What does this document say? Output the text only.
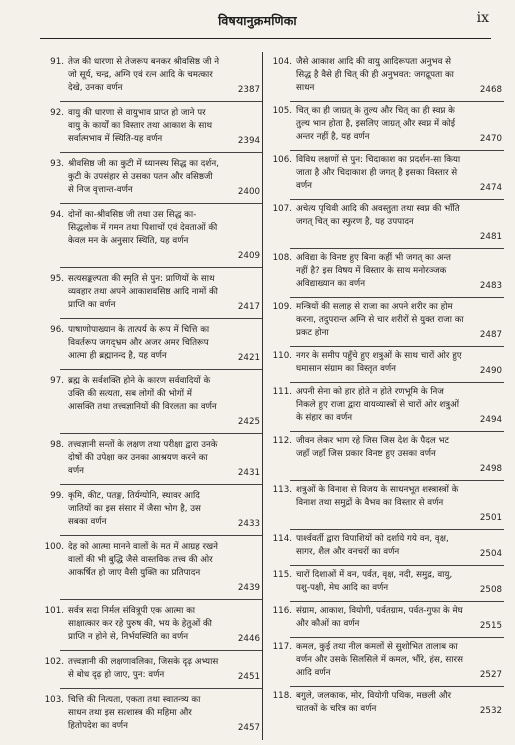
विषयानुक्रमणिका	ix
91. तेज की धारणा से तेजरूप बनकर श्रीवसिष्ठ जी ने जो सूर्य, चन्द्र, अग्नि एवं रत्न आदि के चमत्कार देखे, उनका वर्णन	2387
92. वायु की धारणा से वायुभाव प्राप्त हो जाने पर वायु के कार्यों का विस्तार तथा आकाश के साथ सर्वात्मभाव में स्थिति-यह वर्णन	2394
93. श्रीवसिष्ठ जी का कुटी में ध्यानस्थ सिद्ध का दर्शन, कुटी के उपसंहार से उसका पतन और वसिष्ठजी से निज वृत्तान्त-वर्णन	2400
94. दोनों का-श्रीवसिष्ठ जी तथा उस सिद्ध का-सिद्धलोक में गमन तथा पिशाचों एवं देवताओं की केवल मन के अनुसार स्थिति, यह वर्णन
2409
95. सत्यसङ्कल्पता की स्मृति से पुन: प्राणियों के साथ व्यवहार तथा अपने आकाशवसिष्ठ आदि नामों की प्राप्ति का वर्णन	2417
96. पाषाणोपाख्यान के तात्पर्य के रूप में चित्ति का विवर्तरूप जगद्भ्रम और अजर अमर चितिरूप आत्मा ही ब्रह्मानन्द है, यह वर्णन	2421
97. ब्रह्म के सर्वशक्ति होने के कारण सर्ववादियों के उक्ति की सत्यता, सब लोगों की भोगों में आसक्ति तथा तत्त्वज्ञानियों की विरलता का वर्णन
2425
98. तत्त्वज्ञानी सन्तों के लक्षण तथा परीक्षा द्वारा उनके दोषों की उपेक्षा कर उनका आश्रयण करने का वर्णन	2431
99. कृमि, कीट, पतङ्ग, तिर्यग्योनि, स्थावर आदि जातियों का इस संसार में जैसा भोग है, उस सबका वर्णन	2433
100. देह को आत्मा मानने वालों के मत में आग्रह रखने वालों की भी बुद्धि जैसे वास्तविक तत्त्व की ओर आकर्षित हो जाए वैसी युक्ति का प्रतिपादन
2439
101. सर्वत्र सदा निर्मल संवित्रूपी एक आत्मा का साक्षात्कार कर रहे पुरुष की, भय के हेतुओं की प्राप्ति न होने से, निर्भयस्थिति का वर्णन	2446
102. तत्त्वज्ञानी की लक्षणावलिका, जिसके दृढ़ अभ्यास से बोध दृढ़ हो जाए, पुन: वर्णन	2451
103. चित्ति की नित्यता, एकता तथा स्वातन्त्र्य का साधन तथा इस सत्शास्त्र की महिमा और हितोपदेश का वर्णन	2457
104. जैसे आकाश आदि की वायु आदिरूपता अनुभव से सिद्ध है वैसे ही चित् की ही अनुभवत: जगद्रूपता का साधन	2468
105. चित् का ही जाग्रत् के तुल्य और चित् का ही स्वप्न के तुल्य भान होता है, इसलिए जाग्रत् और स्वप्न में कोई अन्तर नहीं है, यह वर्णन	2470
106. विविध लक्षणों से पुन: चिदाकाश का प्रदर्शन-सा किया जाता है और चिदाकाश ही जगत् है इसका विस्तार से वर्णन	2474
107. अचेत्य पृथिवी आदि की अवस्तुता तथा स्वप्न की भाँति जगत् चित् का स्फुरण है, यह उपपादन
2481
108. अविद्या के विनष्ट हुए बिना कहीं भी जगत् का अन्त नहीं है? इस विषय में विस्तार के साथ मनोरञ्जक अविद्याख्यान का वर्णन	2483
109. मन्त्रियों की सलाह से राजा का अपने शरीर का होम करना, तदुपरान्त अग्नि से चार शरीरों से युक्त राजा का प्रकट होना	2487
110. नगर के समीप पहुँचे हुए शत्रुओं के साथ चारों ओर हुए घमासान संग्राम का विस्तृत वर्णन	2490
111. अपनी सेना को हार होते न होते रणभूमि के निज निकले हुए राजा द्वारा वायव्यास्त्रों से चारों ओर शत्रुओं के संहार का वर्णन	2494
112. जीवन लेकर भाग रहे जिस जिस देश के पैदल भट जहाँ जहाँ जिस प्रकार विनष्ट हुए उसका वर्णन
2498
113. शत्रुओं के विनाश से विजय के साधनभूत शस्त्रास्त्रों के विनाश तथा समुद्रों के वैभव का विस्तार से वर्णन
2501
114. पार्श्ववर्ती द्वारा विपाशियों को दर्शाये गये वन, वृक्ष, सागर, शैल और वनचरों का वर्णन	2504
115. चारों दिशाओं में वन, पर्वत, वृक्ष, नदी, समुद्र, वायु, पशु-पक्षी, मेघ आदि का वर्णन	2508
116. संग्राम, आकाश, वियोगी, पर्वतग्राम, पर्वत-गुफा के मेघ और कौओं का वर्णन	2515
117. कमल, कुई तथा नील कमलों से सुशोभित तालाब का वर्णन और उसके सिलसिले में कमल, भौंरे, हंस, सारस आदि वर्णन	2527
118. बगुले, जलकाक, मोर, वियोगी पथिक, मछली और चातकों के चरित्र का वर्णन	2532
